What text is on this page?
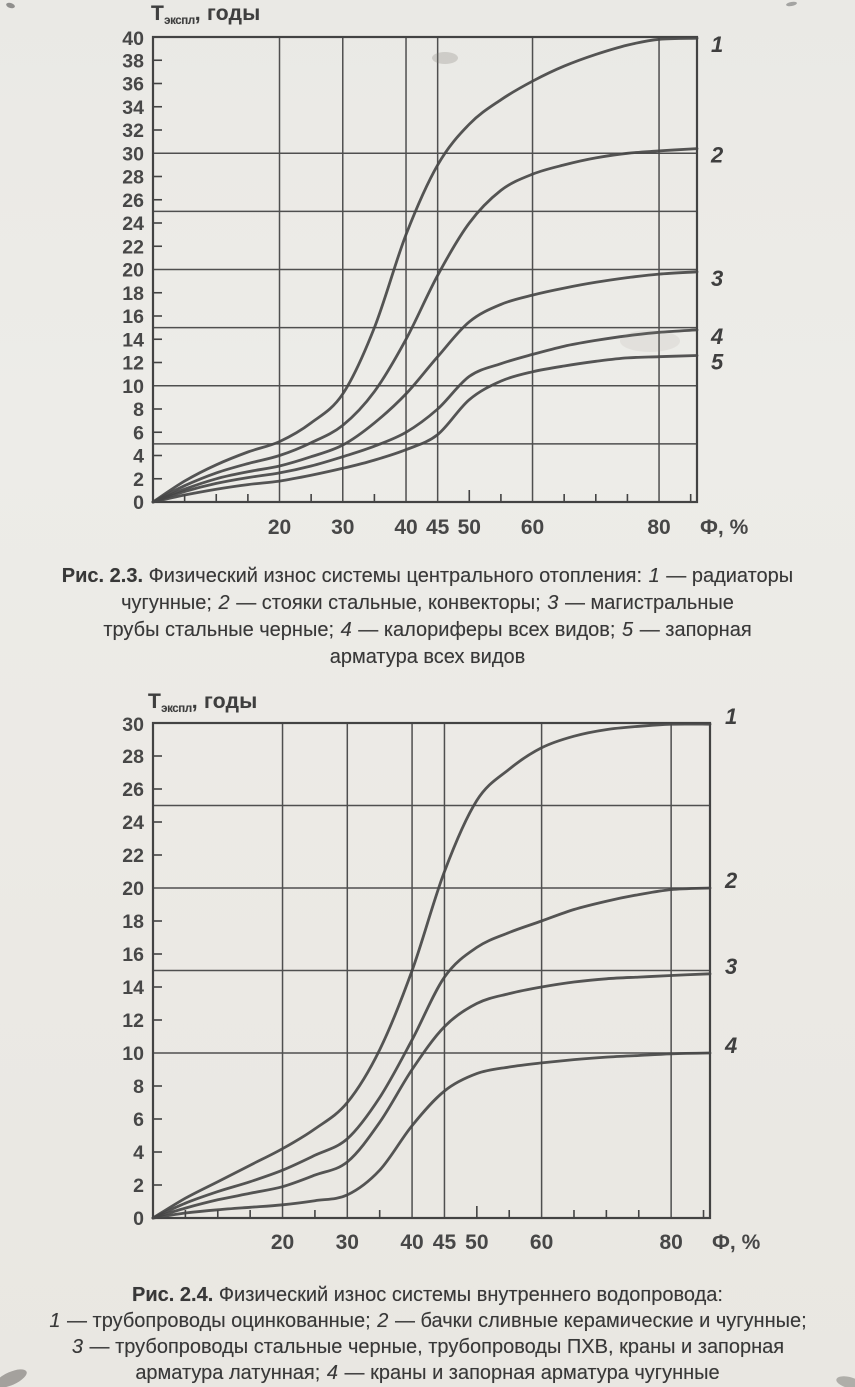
0
2
4
6
8
10
12
14
16
18
20
22
24
26
28
30
32
34
36
38
40
20 30 40 45 50 60	80
1
2
3
4
5
0
2
4
6
8
10
12
14
16
18
20
22
24
26
28
30
20 30 40 45 50 60	80
1
2
3
4
$Т_{экспл}$, годы
Ф, %
Рис. 2.3. Физический износ системы центрального отопления: 1 — радиаторы
чугунные; 2 — стояки стальные, конвекторы; 3 — магистральные
трубы стальные черные; 4 — калориферы всех видов; 5 — запорная
арматура всех видов
$Т_{экспл}$, годы
Ф, %
Рис. 2.4. Физический износ системы внутреннего водопровода:
1 — трубопроводы оцинкованные; 2 — бачки сливные керамические и чугунные;
3 — трубопроводы стальные черные, трубопроводы ПХВ, краны и запорная
арматура латунная; 4 — краны и запорная арматура чугунные
